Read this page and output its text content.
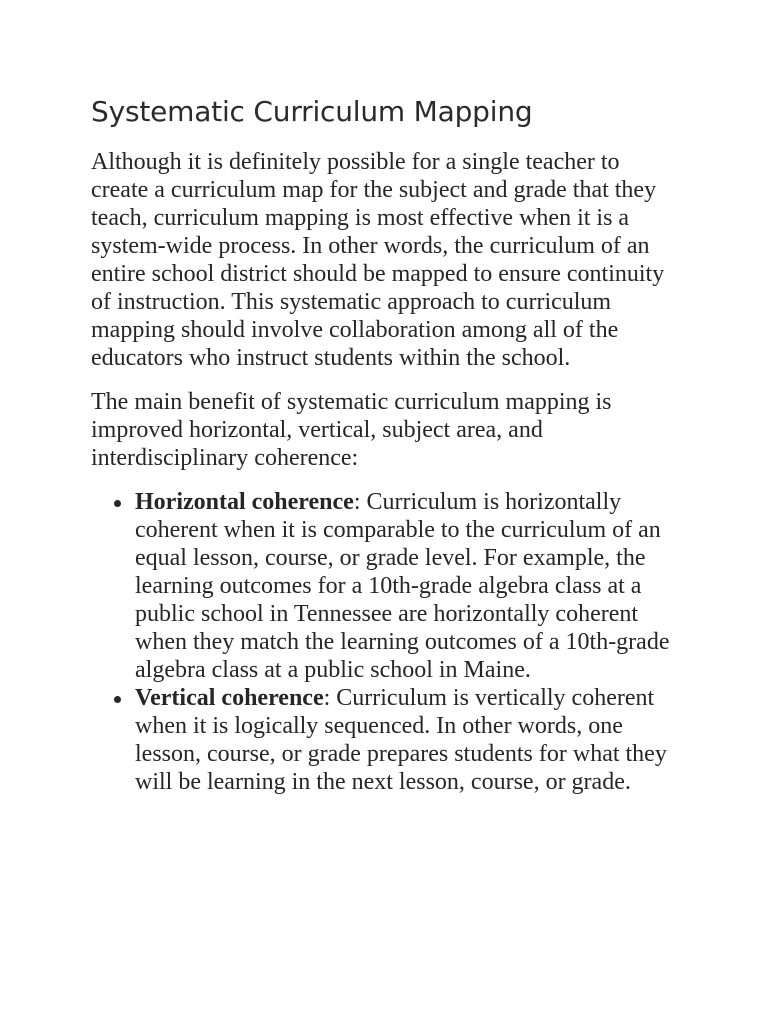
Systematic Curriculum Mapping

Although it is definitely possible for a single teacher to create a curriculum map for the subject and grade that they teach, curriculum mapping is most effective when it is a system-wide process. In other words, the curriculum of an entire school district should be mapped to ensure continuity of instruction. This systematic approach to curriculum mapping should involve collaboration among all of the educators who instruct students within the school.

The main benefit of systematic curriculum mapping is improved horizontal, vertical, subject area, and interdisciplinary coherence:

Horizontal coherence: Curriculum is horizontally coherent when it is comparable to the curriculum of an equal lesson, course, or grade level. For example, the learning outcomes for a 10th-grade algebra class at a public school in Tennessee are horizontally coherent when they match the learning outcomes of a 10th-grade algebra class at a public school in Maine.
Vertical coherence: Curriculum is vertically coherent when it is logically sequenced. In other words, one lesson, course, or grade prepares students for what they will be learning in the next lesson, course, or grade.
